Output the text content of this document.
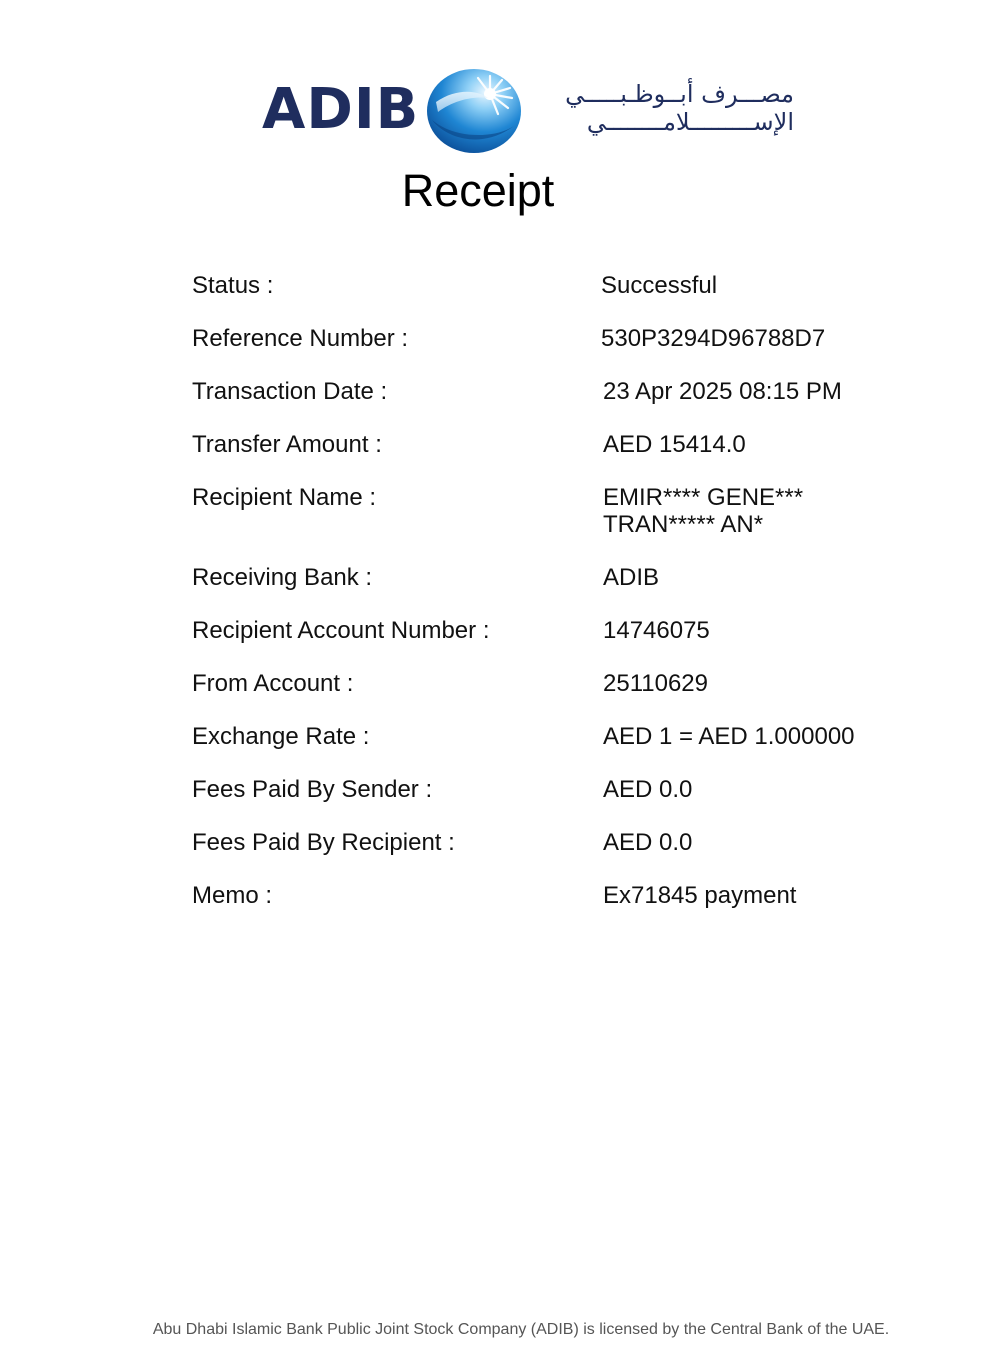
ADIB	مصـــرف أبــوظـبـــــي
الإســـــــــلامــــــــي
Receipt
Status :	Successful
Reference Number :	530P3294D96788D7
Transaction Date :	23 Apr 2025 08:15 PM
Transfer Amount :	AED 15414.0
Recipient Name :	EMIR**** GENE*** TRAN***** AN*
Receiving Bank :	ADIB
Recipient Account Number :	14746075
From Account :	25110629
Exchange Rate :	AED 1 = AED 1.000000
Fees Paid By Sender :	AED 0.0
Fees Paid By Recipient :	AED 0.0
Memo :	Ex71845 payment
Abu Dhabi Islamic Bank Public Joint Stock Company (ADIB) is licensed by the Central Bank of the UAE.
